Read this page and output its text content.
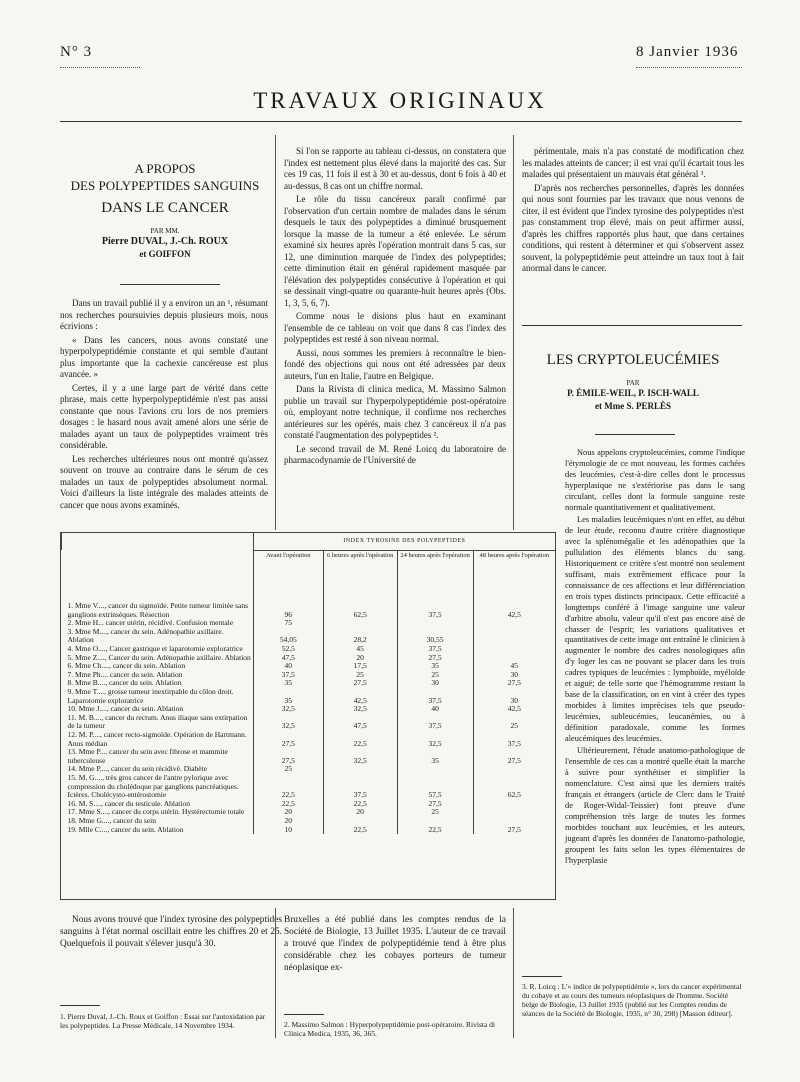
N° 3	8 Janvier 1936
TRAVAUX ORIGINAUX
A PROPOS
DES POLYPEPTIDES SANGUINS
DANS LE CANCER
PAR MM.
Pierre DUVAL, J.-Ch. ROUX
et GOIFFON

Dans un travail publié il y a environ un an ¹, résumant nos recherches poursuivies depuis plusieurs mois, nous écrivions :

« Dans les cancers, nous avons constaté une hyperpolypeptidémie constante et qui semble d'autant plus importante que la cachexie cancéreuse est plus avancée. »

Certes, il y a une large part de vérité dans cette phrase, mais cette hyperpolypeptidémie n'est pas aussi constante que nous l'avions cru lors de nos premiers dosages : le hasard nous avait amené alors une série de malades ayant un taux de polypeptides vraiment très considérable.

Les recherches ultérieures nous ont montré qu'assez souvent on trouve au contraire dans le sérum de ces malades un taux de polypeptides absolument normal. Voici d'ailleurs la liste intégrale des malades atteints de cancer que nous avons examinés.

Si l'on se rapporte au tableau ci-dessus, on constatera que l'index est nettement plus élevé dans la majorité des cas. Sur ces 19 cas, 11 fois il est à 30 et au-dessus, dont 6 fois à 40 et au-dessus, 8 cas ont un chiffre normal.

Le rôle du tissu cancéreux paraît confirmé par l'observation d'un certain nombre de malades dans le sérum desquels le taux des polypeptides a diminué brusquement lorsque la masse de la tumeur a été enlevée. Le sérum examiné six heures après l'opération montrait dans 5 cas, sur 12, une diminution marquée de l'index des polypeptides; cette diminution était en général rapidement masquée par l'élévation des polypeptides consécutive à l'opération et qui se dessinait vingt-quatre ou quarante-huit heures après (Obs. 1, 3, 5, 6, 7).

Comme nous le disions plus haut en examinant l'ensemble de ce tableau on voit que dans 8 cas l'index des polypeptides est resté à son niveau normal.

Aussi, nous sommes les premiers à reconnaître le bien-fondé des objections qui nous ont été adressées par deux auteurs, l'un en Italie, l'autre en Belgique.

Dans la Rivista di clinica medica, M. Massimo Salmon publie un travail sur l'hyperpolypeptidémie post-opératoire où, employant notre technique, il confirme nos recherches antérieures sur les opérés, mais chez 3 cancéreux il n'a pas constaté l'augmentation des polypeptides ².

Le second travail de M. René Loicq du laboratoire de pharmacodynamie de l'Université de

périmentale, mais n'a pas constaté de modification chez les malades atteints de cancer; il est vrai qu'il écartait tous les malades qui présentaient un mauvais état général ³.

D'après nos recherches personnelles, d'après les données qui nous sont fournies par les travaux que nous venons de citer, il est évident que l'index tyrosine des polypeptides n'est pas constamment trop élevé, mais on peut affirmer aussi, d'après les chiffres rapportés plus haut, que dans certaines conditions, qui restent à déterminer et qui s'observent assez souvent, la polypeptidémie peut atteindre un taux tout à fait anormal dans le cancer.

LES CRYPTOLEUCÉMIES
PAR
P. ÉMILE-WEIL, P. ISCH-WALL
et Mme S. PERLÈS

Nous appelons cryptoleucémies, comme l'indique l'étymologie de ce mot nouveau, les formes cachées des leucémies, c'est-à-dire celles dont le processus hyperplasique ne s'extériorise pas dans le sang circulant, celles dont la formule sanguine reste normale quantitativement et qualitativement.

Les maladies leucémiques n'ont en effet, au début de leur étude, reconnu d'autre critère diagnostique avec la splénomégalie et les adénopathies que la pullulation des éléments blancs du sang. Historiquement ce critère s'est montré non seulement suffisant, mais extrêmement efficace pour la connaissance de ces affections et leur différenciation en trois types distincts principaux. Cette efficacité a longtemps conféré à l'image sanguine une valeur d'arbitre absolu, valeur qu'il n'est pas encore aisé de chasser de l'esprit; les variations qualitatives et quantitatives de cette image ont entraîné le clinicien à augmenter le nombre des cadres nosologiques afin d'y loger les cas ne pouvant se placer dans les trois cadres typiques de leucémies : lymphoïde, myéloïde et aiguë; de telle sorte que l'hémogramme restant la base de la classification, on en vint à créer des types morbides à limites imprécises tels que pseudo-leucémies, subleucémies, leucanémies, ou à définition paradoxale, comme les formes aleucémiques des leucémies.

Ultérieurement, l'étude anatomo-pathologique de l'ensemble de ces cas a montré quelle était la marche à suivre pour synthétiser et simplifier la nomenclature. C'est ainsi que les derniers traités français et étrangers (article de Clerc dans le Traité de Roger-Widal-Teissier) font preuve d'une compréhension très large de toutes les formes morbides touchant aux leucémies, et les auteurs, jugeant d'après les données de l'anatomo-pathologie, groupent les faits selon les types élémentaires de l'hyperplasie

	INDEX TYROSINE DES POLYPEPTIDES			
	Avant l'opération	6 heures après l'opération	24 heures après l'opération	48 heures après l'opération
1. Mme V...., cancer du sigmoïde. Petite tumeur limitée sans ganglions extrinsèques. Résection	96	62,5	37,5	42,5
2. Mme H... cancer utérin, récidivé. Confusion mentale	75			
3. Mme M...., cancer du sein. Adénopathie axillaire. Ablation	54,05	28,2	30,55	
4. Mme O...., Cancer gastrique et laparotomie exploratrice	52,5	45	37,5	
5. Mme Z...., Cancer du sein. Adénopathie axillaire. Ablation	47,5	20	27,5	
6. Mme Ch...., cancer du sein. Ablation	40	17,5	35	45
7. Mme Ph.... cancer du sein. Ablation	37,5	25	25	30
8. Mme B...., cancer du sein. Ablation	35	27,5	30	27,5
9. Mme T...., grosse tumeur inextirpable du côlon droit. Laparotomie exploratrice	35	42,5	37,5	30
10. Mme J...., cancer du sein. Ablation	32,5	32,5	40	42,5
11. M. B...., cancer du rectum. Anus iliaque sans extirpation de la tumeur	32,5	47,5	37,5	25
12. M. P...., cancer recto-sigmoïde. Opération de Hartmann. Anus médian	27,5	22,5	32,5	37,5
13. Mme P.... cancer du sein avec fibrose et mammite tuberculeuse	27,5	32,5	35	27,5
14. Mme P...., cancer du sein récidivé. Diabète	25			
15. M. G...., très gros cancer de l'antre pylorique avec compression du cholédoque par ganglions pancréatiques. Ictères. Cholécysto-entérostomie	22,5	37,5	57,5	62,5
16. M. S...., cancer du testicule. Ablation	22,5	22,5	27,5	
17. Mme S...., cancer du corps utérin. Hystérectomie totale	20	20	25	
18. Mme G...., cancer du sein	20			
19. Mlle C...., cancer du sein. Ablation	10	22,5	22,5	27,5

Nous avons trouvé que l'index tyrosine des polypeptides sanguins à l'état normal oscillait entre les chiffres 20 et 25. Quelquefois il pouvait s'élever jusqu'à 30.

Bruxelles a été publié dans les comptes rendus de la Société de Biologie, 13 Juillet 1935. L'auteur de ce travail a trouvé que l'index de polypeptidémie tend à être plus considérable chez les cobayes porteurs de tumeur néoplasique ex-

1. Pierre Duval, J.-Ch. Roux et Goiffon : Essai sur l'autoxidation par les polypeptides. La Presse Médicale, 14 Novembre 1934.	2. Massimo Salmon : Hyperpolypeptidémie post-opératoire. Rivista di Clinica Medica, 1935, 36, 365.
3. R. Loicq : L'« indice de polypeptidémie », lors du cancer expérimental du cobaye et au cours des tumeurs néoplasiques de l'homme. Société belge de Biologie, 13 Juillet 1935 (publié sur les Comptes rendus de séances de la Société de Biologie, 1935, n° 30, 298) [Masson éditeur].
